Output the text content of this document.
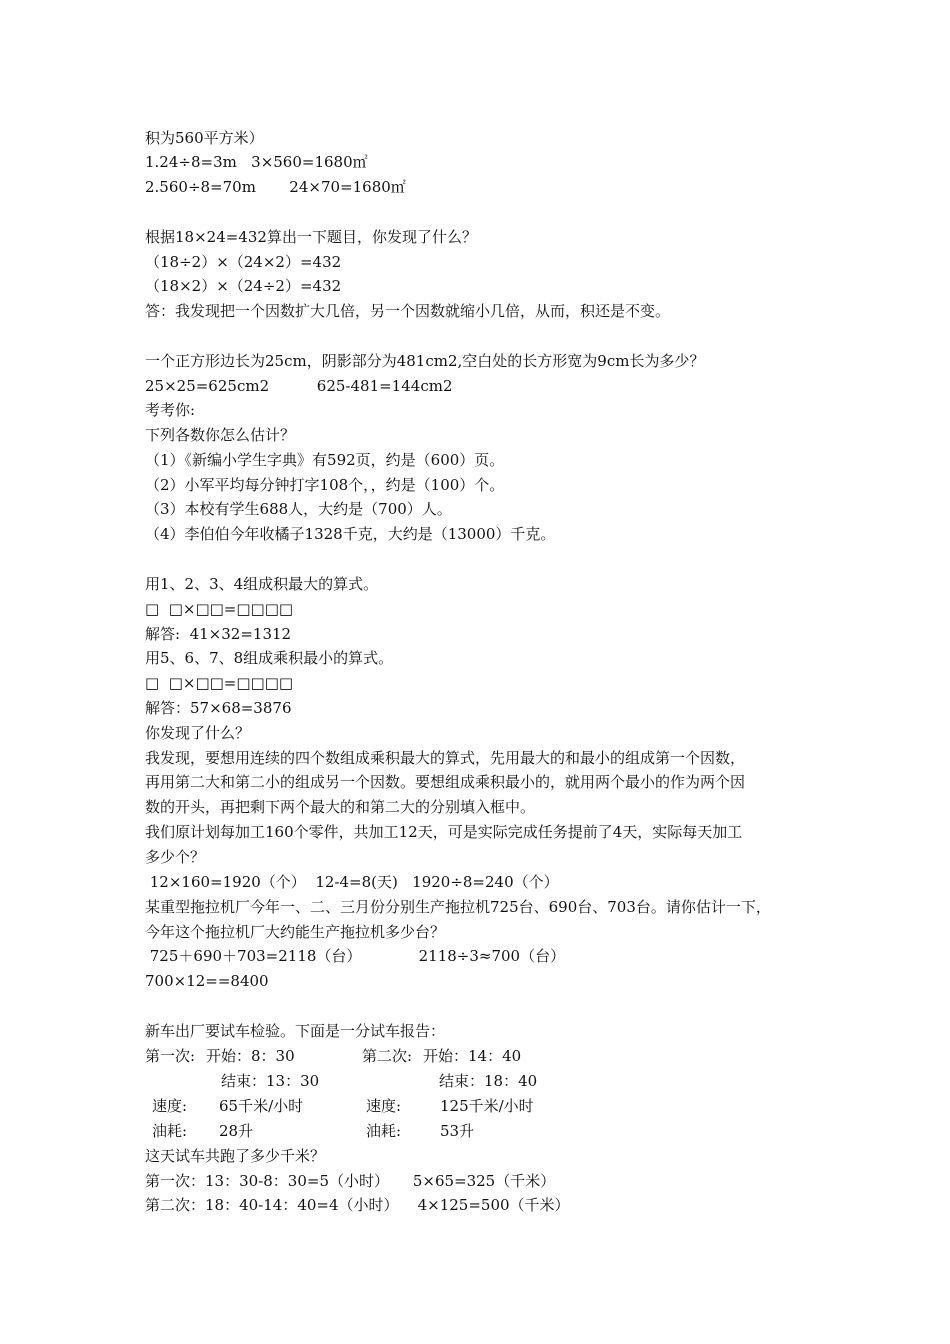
积为560平方米）
1.24÷8=3m   3×560=1680㎡
2.560÷8=70m       24×70=1680㎡
根据18×24=432算出一下题目，你发现了什么？
（18÷2）×（24×2）=432
（18×2）×（24÷2）=432
答：我发现把一个因数扩大几倍，另一个因数就缩小几倍，从而，积还是不变。
一个正方形边长为25cm，阴影部分为481cm2,空白处的长方形宽为9cm长为多少？
25×25=625cm2          625-481=144cm2
考考你:
下列各数你怎么估计？
（1）《新编小学生字典》有592页，约是（600）页。
（2）小军平均每分钟打字108个，，约是（100）个。
（3）本校有学生688人，大约是（700）人。
（4）李伯伯今年收橘子1328千克，大约是（13000）千克。
用1、2、3、4组成积最大的算式。
□  □×□□=□□□□
解答:  41×32=1312
用5、6、7、8组成乘积最小的算式。
□  □×□□=□□□□
解答：57×68=3876
你发现了什么？
我发现，要想用连续的四个数组成乘积最大的算式，先用最大的和最小的组成第一个因数，
再用第二大和第二小的组成另一个因数。要想组成乘积最小的，就用两个最小的作为两个因
数的开头，再把剩下两个最大的和第二大的分别填入框中。
我们原计划每加工160个零件，共加工12天，可是实际完成任务提前了4天，实际每天加工
多少个？
12×160=1920（个）  12-4=8(天)   1920÷8=240（个）
某重型拖拉机厂今年一、二、三月份分别生产拖拉机725台、690台、703台。请你估计一下，
今年这个拖拉机厂大约能生产拖拉机多少台？
725＋690＋703=2118（台）            2118÷3≈700（台）
700×12==8400
新车出厂要试车检验。下面是一分试车报告：
第一次: 开始：8：30	第二次: 开始：14：40
结束：13：30	结束：18：40
速度: 65千米/小时	速度:	125千米/小时
油耗: 28升	油耗:	53升
这天试车共跑了多少千米？
第一次：13：30-8：30=5（小时）     5×65=325（千米）
第二次：18：40-14：40=4（小时）    4×125=500（千米）
